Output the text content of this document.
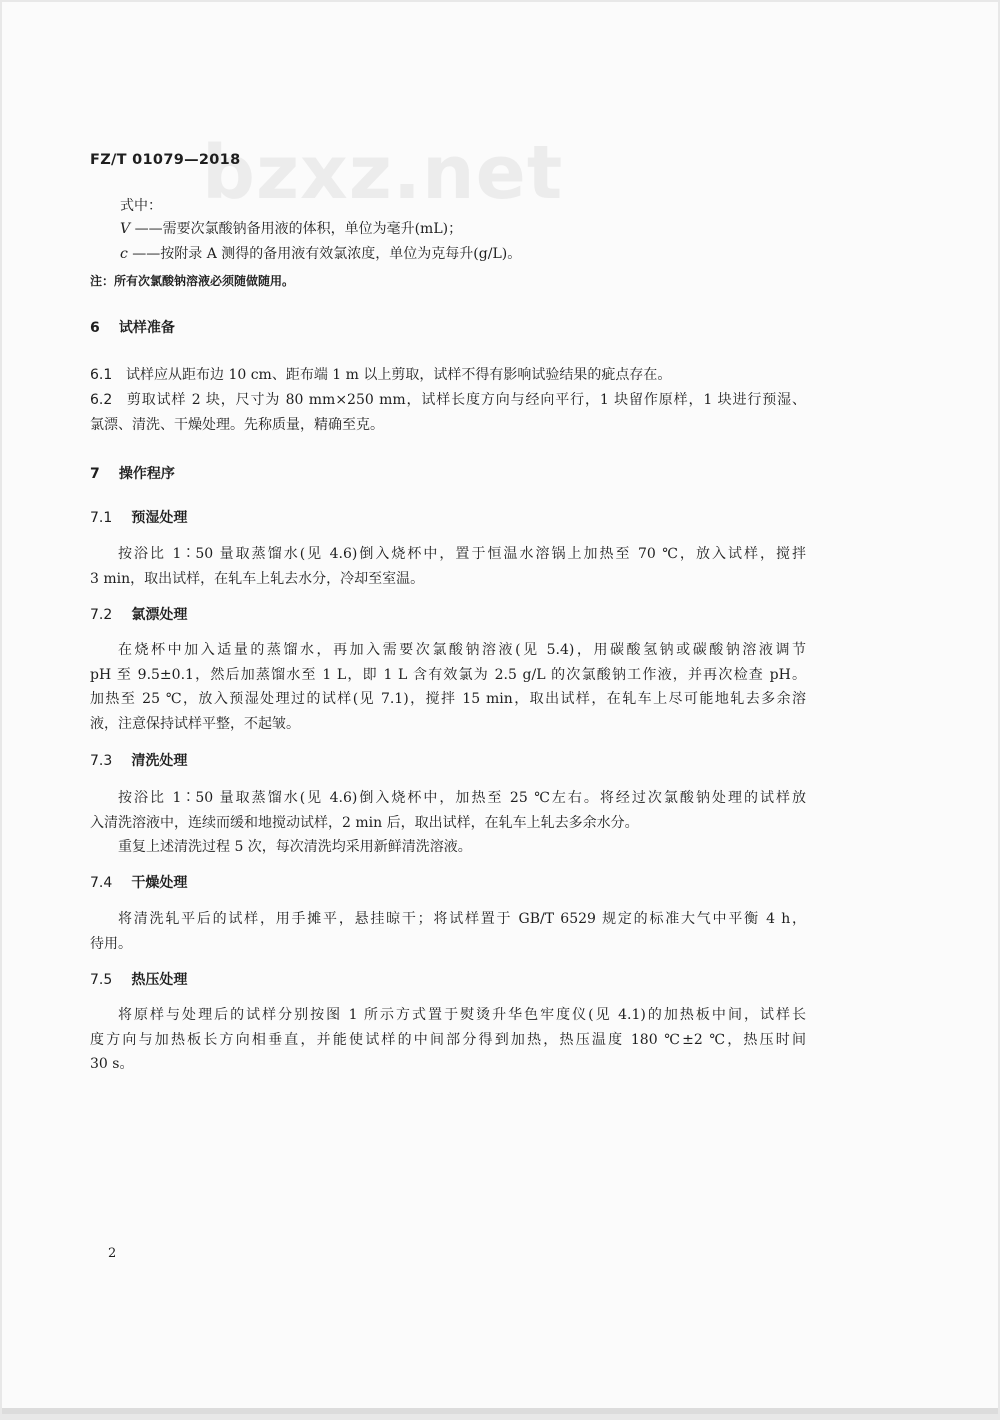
bzxz.net
FZ/T 01079—2018
式中：
V ——需要次氯酸钠备用液的体积，单位为毫升(mL)；
c ——按附录 A 测得的备用液有效氯浓度，单位为克每升(g/L)。
注：所有次氯酸钠溶液必须随做随用。
6 试样准备
6.1 试样应从距布边 10 cm、距布端 1 m 以上剪取，试样不得有影响试验结果的疵点存在。
6.2 剪取试样 2 块，尺寸为 80 mm×250 mm，试样长度方向与经向平行，1 块留作原样，1 块进行预湿、
氯漂、清洗、干燥处理。先称质量，精确至克。
7 操作程序
7.1 预湿处理
按浴比 1∶50 量取蒸馏水(见 4.6)倒入烧杯中，置于恒温水溶锅上加热至 70 ℃，放入试样，搅拌
3 min，取出试样，在轧车上轧去水分，冷却至室温。
7.2 氯漂处理
在烧杯中加入适量的蒸馏水，再加入需要次氯酸钠溶液(见 5.4)，用碳酸氢钠或碳酸钠溶液调节
pH 至 9.5±0.1，然后加蒸馏水至 1 L，即 1 L 含有效氯为 2.5 g/L 的次氯酸钠工作液，并再次检查 pH。
加热至 25 ℃，放入预湿处理过的试样(见 7.1)，搅拌 15 min，取出试样，在轧车上尽可能地轧去多余溶
液，注意保持试样平整，不起皱。
7.3 清洗处理
按浴比 1∶50 量取蒸馏水(见 4.6)倒入烧杯中，加热至 25 ℃左右。将经过次氯酸钠处理的试样放
入清洗溶液中，连续而缓和地搅动试样，2 min 后，取出试样，在轧车上轧去多余水分。
重复上述清洗过程 5 次，每次清洗均采用新鲜清洗溶液。
7.4 干燥处理
将清洗轧平后的试样，用手摊平，悬挂晾干；将试样置于 GB/T 6529 规定的标准大气中平衡 4 h，
待用。
7.5 热压处理
将原样与处理后的试样分别按图 1 所示方式置于熨烫升华色牢度仪(见 4.1)的加热板中间，试样长
度方向与加热板长方向相垂直，并能使试样的中间部分得到加热，热压温度 180 ℃±2 ℃，热压时间
30 s。
2
